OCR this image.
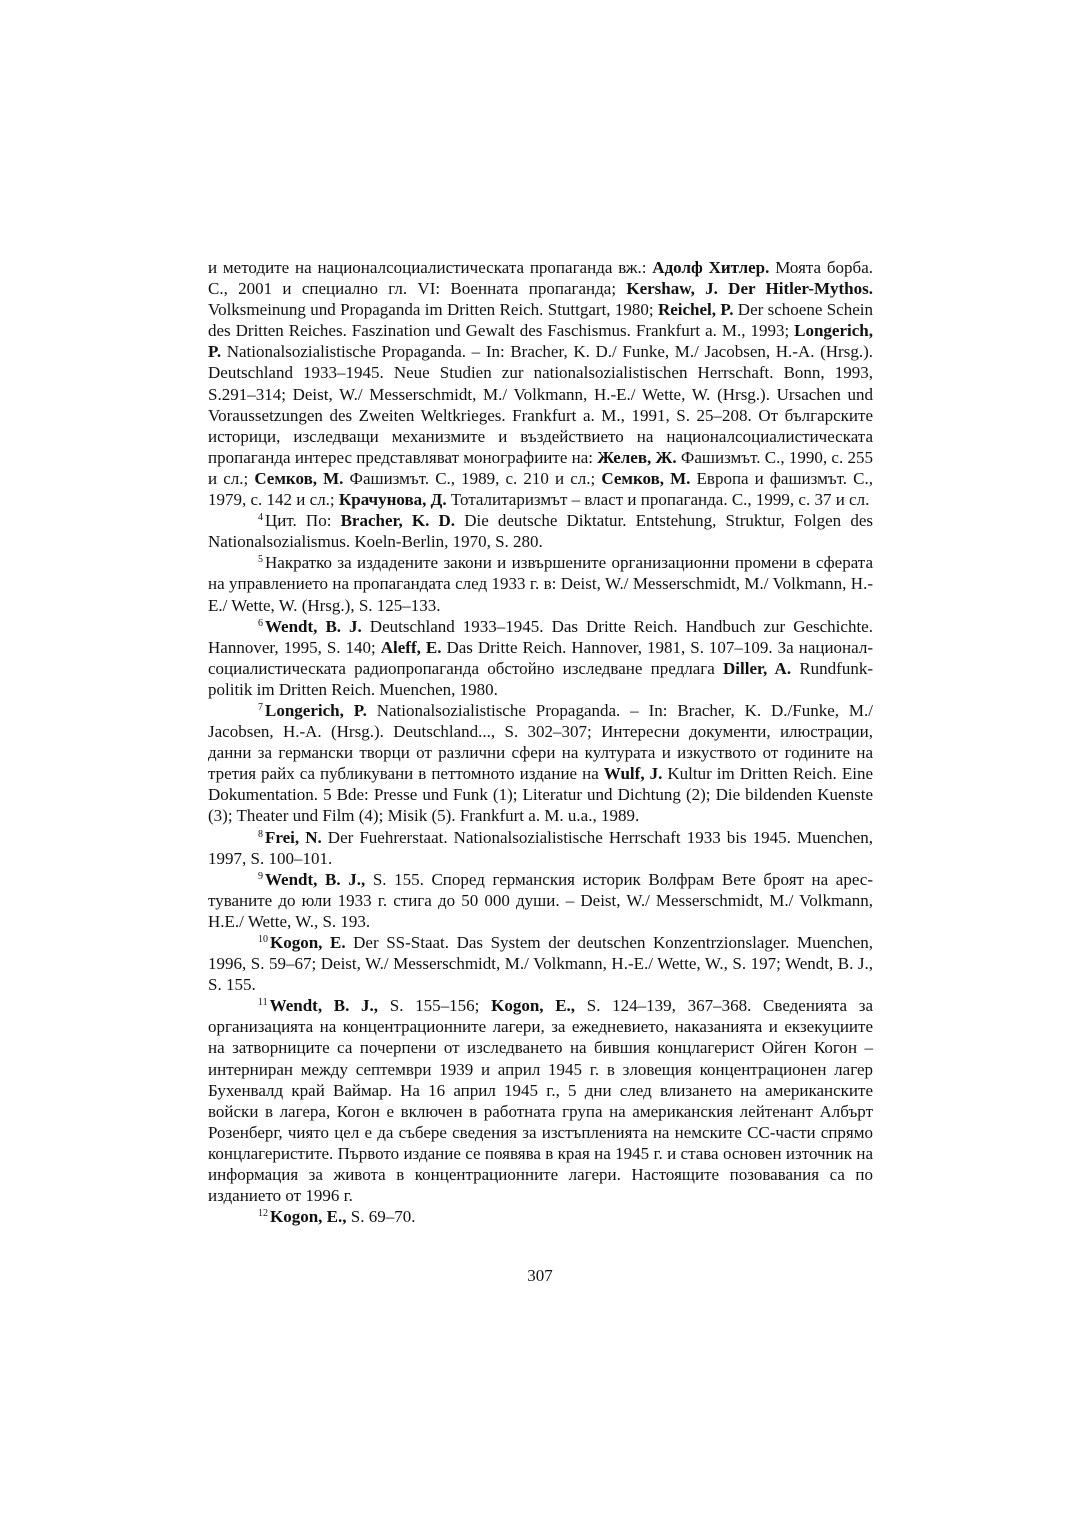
и методите на националсоциалистическата пропаганда вж.: Адолф Хитлер. Моята борба. С., 2001 и специално гл. VI: Военната пропаганда; Kershaw, J. Der Hitler-Mythos. Volksmeinung und Propaganda im Dritten Reich. Stuttgart, 1980; Reichel, P. Der schoene Schein des Dritten Reiches. Faszination und Gewalt des Faschismus. Frankfurt a. M., 1993; Longerich, P. Nationalsozialistische Propaganda. – In: Bracher, K. D./ Funke, M./ Jacobsen, H.-A. (Hrsg.). Deutschland 1933–1945. Neue Studien zur nationalsozialistischen Herrschaft. Bonn, 1993, S.291–314; Deist, W./ Messerschmidt, M./ Volkmann, H.-E./ Wette, W. (Hrsg.). Ursachen und Voraussetzungen des Zweiten Weltkrieges. Frankfurt a. M., 1991, S. 25–208. От българските историци, изследващи механизмите и въздействието на националсоциалистическата пропаганда интерес представляват монографиите на: Желев, Ж. Фашизмът. С., 1990, с. 255 и сл.; Семков, М. Фашизмът. С., 1989, с. 210 и сл.; Семков, М. Европа и фашизмът. С., 1979, с. 142 и сл.; Крачунова, Д. Тоталитаризмът – власт и пропаганда. С., 1999, с. 37 и сл.

$^4$ Цит. По: Bracher, K. D. Die deutsche Diktatur. Entstehung, Struktur, Folgen des Nationalsozialismus. Koeln-Berlin, 1970, S. 280.

$^5$ Накратко за издадените закони и извършените организационни промени в сферата на управлението на пропагандата след 1933 г. в: Deist, W./ Messerschmidt, M./ Volkmann, H.-E./ Wette, W. (Hrsg.), S. 125–133.

$^6$ Wendt, B. J. Deutschland 1933–1945. Das Dritte Reich. Handbuch zur Geschichte. Hannover, 1995, S. 140; Aleff, E. Das Dritte Reich. Hannover, 1981, S. 107–109. За национал-социалистическата радиопропаганда обстойно изследване предлага Diller, A. Rundfunk-politik im Dritten Reich. Muenchen, 1980.

$^7$ Longerich, P. Nationalsozialistische Propaganda. – In: Bracher, K. D./Funke, M./ Jacobsen, H.-A. (Hrsg.). Deutschland..., S. 302–307; Интересни документи, илюстрации, данни за германски творци от различни сфери на културата и изкуството от годините на третия райх са публикувани в петтомното издание на Wulf, J. Kultur im Dritten Reich. Eine Dokumentation. 5 Bde: Presse und Funk (1); Literatur und Dichtung (2); Die bildenden Kuenste (3); Theater und Film (4); Misik (5). Frankfurt a. M. u.a., 1989.

$^8$ Frei, N. Der Fuehrerstaat. Nationalsozialistische Herrschaft 1933 bis 1945. Muenchen, 1997, S. 100–101.

$^9$ Wendt, B. J., S. 155. Според германския историк Волфрам Вете броят на арес-туваните до юли 1933 г. стига до 50 000 души. – Deist, W./ Messerschmidt, M./ Volkmann, H.E./ Wette, W., S. 193.

$^{10}$ Kogon, E. Der SS-Staat. Das System der deutschen Konzentrzionslager. Muenchen, 1996, S. 59–67; Deist, W./ Messerschmidt, M./ Volkmann, H.-E./ Wette, W., S. 197; Wendt, B. J., S. 155.

$^{11}$ Wendt, B. J., S. 155–156; Kogon, E., S. 124–139, 367–368. Сведенията за организацията на концентрационните лагери, за ежедневието, наказанията и екзекуциите на затворниците са почерпени от изследването на бившия концлагерист Ойген Когон – интерниран между септември 1939 и април 1945 г. в зловещия концентрационен лагер Бухенвалд край Ваймар. На 16 април 1945 г., 5 дни след влизането на американските войски в лагера, Когон е включен в работната група на американския лейтенант Албърт Розенберг, чиято цел е да събере сведения за изстъпленията на немските СС-части спрямо концлагеристите. Първото издание се появява в края на 1945 г. и става основен източник на информация за живота в концентрационните лагери. Настоящите позовавания са по изданието от 1996 г.

$^{12}$ Kogon, E., S. 69–70.

307
